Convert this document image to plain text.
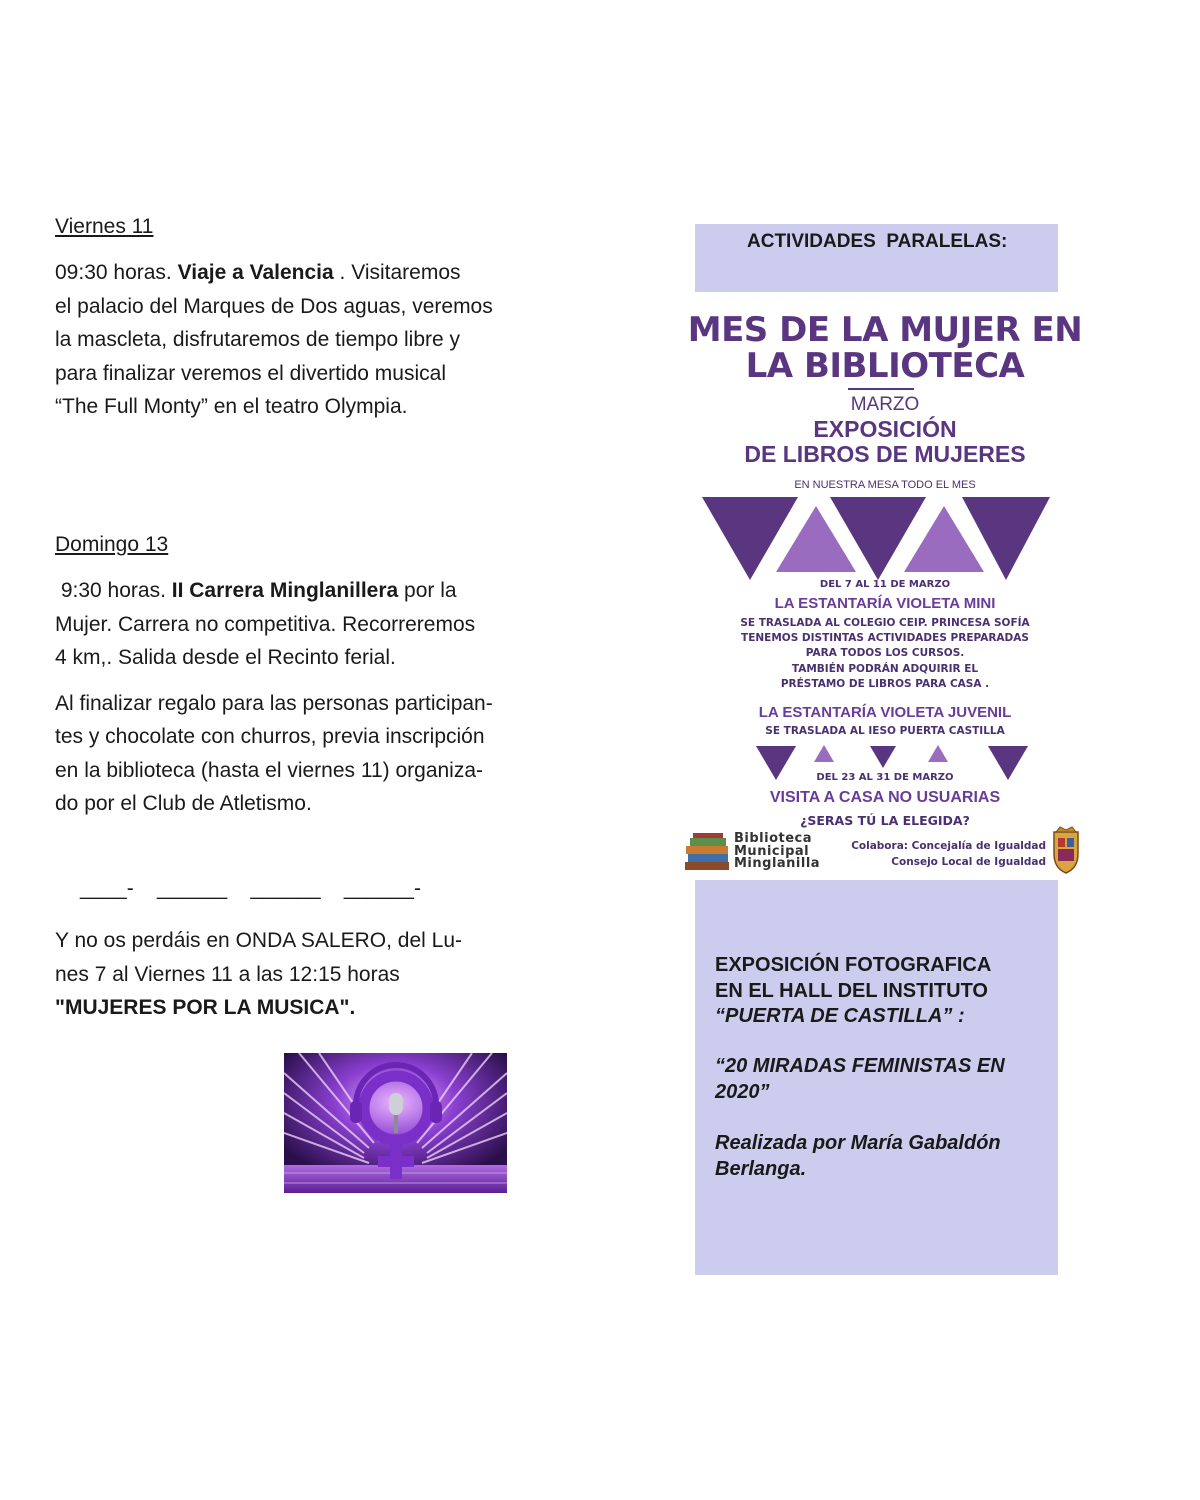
Viernes 11

09:30 horas. Viaje a Valencia . Visitaremos
el palacio del Marques de Dos aguas, veremos
la mascleta, disfrutaremos de tiempo libre y
para finalizar veremos el divertido musical
“The Full Monty” en el teatro Olympia.

Domingo 13

9:30 horas. II Carrera Minglanillera por la
Mujer. Carrera no competitiva. Recorreremos
4 km,. Salida desde el Recinto ferial.

Al finalizar regalo para las personas participan-
tes y chocolate con churros, previa inscripción
en la biblioteca (hasta el viernes 11) organiza-
do por el Club de Atletismo.

____-    ______    ______    ______-

Y no os perdáis en ONDA SALERO, del Lu-
nes 7 al Viernes 11 a las 12:15 horas
"MUJERES POR LA MUSICA".

ACTIVIDADES  PARALELAS:
MES DE LA MUJER EN
LA BIBLIOTECA
MARZO
EXPOSICIÓN
DE LIBROS DE MUJERES
EN NUESTRA MESA TODO EL MES
DEL 7 AL 11 DE MARZO
LA ESTANTARÍA VIOLETA MINI
SE TRASLADA AL COLEGIO CEIP. PRINCESA SOFÍA
TENEMOS DISTINTAS ACTIVIDADES PREPARADAS
PARA TODOS LOS CURSOS.
TAMBIÉN PODRÁN ADQUIRIR EL
PRÉSTAMO DE LIBROS PARA CASA .
LA ESTANTARÍA VIOLETA JUVENIL
SE TRASLADA AL IESO PUERTA CASTILLA
DEL 23 AL 31 DE MARZO
VISITA A CASA NO USUARIAS
¿SERAS TÚ LA ELEGIDA?
Biblioteca
Municipal
Minglanilla
Colabora: Concejalía de Igualdad
Consejo Local de Igualdad
EXPOSICIÓN FOTOGRAFICA
EN EL HALL DEL INSTITUTO
“PUERTA DE CASTILLA” :
“20 MIRADAS FEMINISTAS EN
2020”
Realizada por María Gabaldón
Berlanga.
